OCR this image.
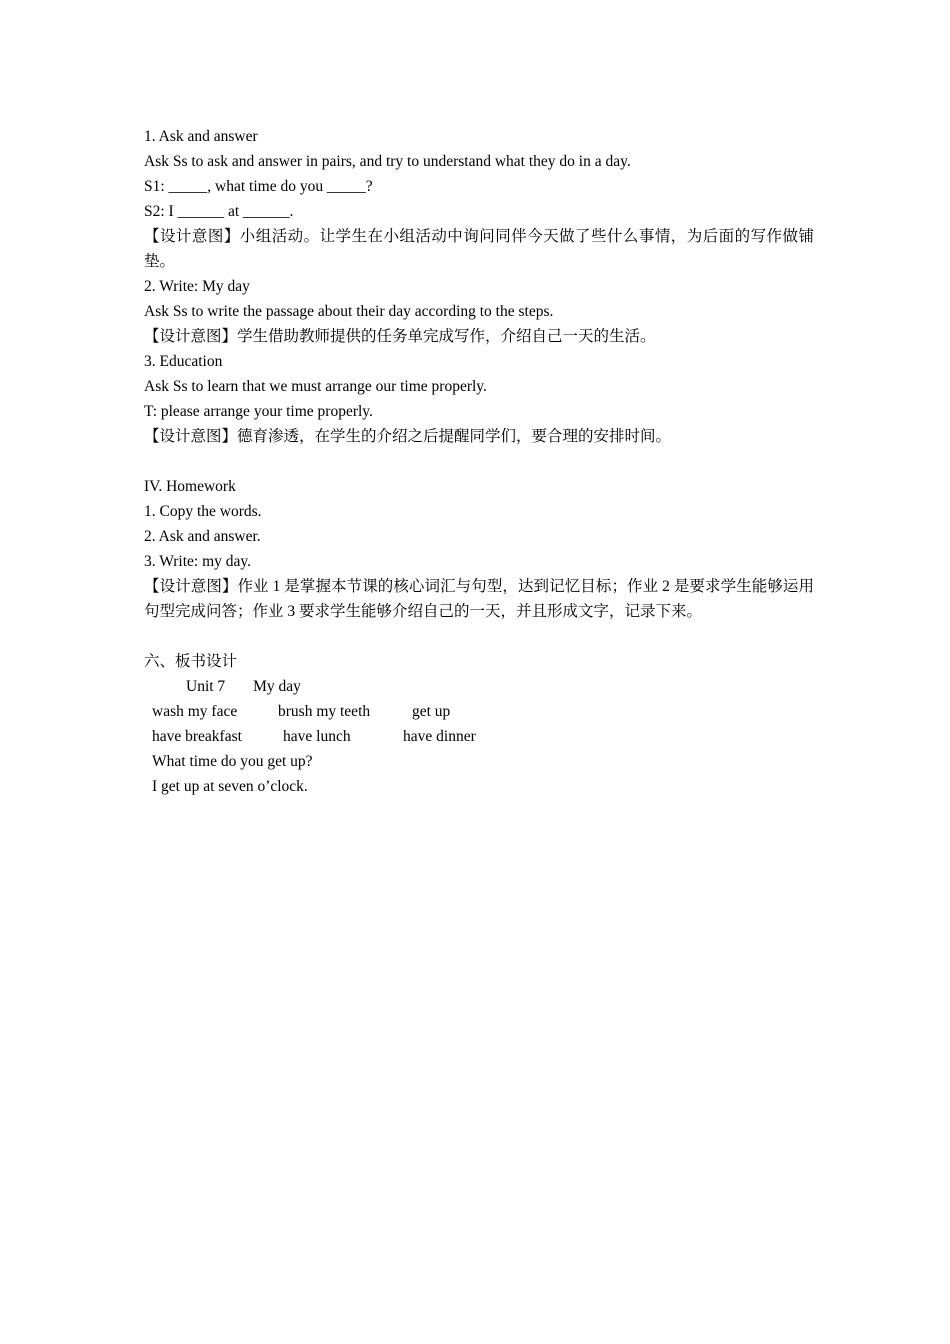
1. Ask and answer
Ask Ss to ask and answer in pairs, and try to understand what they do in a day.
S1: _____, what time do you _____?
S2: I ______ at ______.
【设计意图】小组活动。让学生在小组活动中询问同伴今天做了些什么事情，为后面的写作做铺垫。
2. Write: My day
Ask Ss to write the passage about their day according to the steps.
【设计意图】学生借助教师提供的任务单完成写作，介绍自己一天的生活。
3. Education
Ask Ss to learn that we must arrange our time properly.
T: please arrange your time properly.
【设计意图】德育渗透，在学生的介绍之后提醒同学们，要合理的安排时间。
IV. Homework
1. Copy the words.
2. Ask and answer.
3. Write: my day.
【设计意图】作业 1 是掌握本节课的核心词汇与句型，达到记忆目标；作业 2 是要求学生能够运用句型完成问答；作业 3 要求学生能够介绍自己的一天，并且形成文字，记录下来。
六、板书设计
Unit 7 My day
wash my face	brush my teeth	get up
have breakfast	have lunch	have dinner
What time do you get up?
I get up at seven o’clock.
